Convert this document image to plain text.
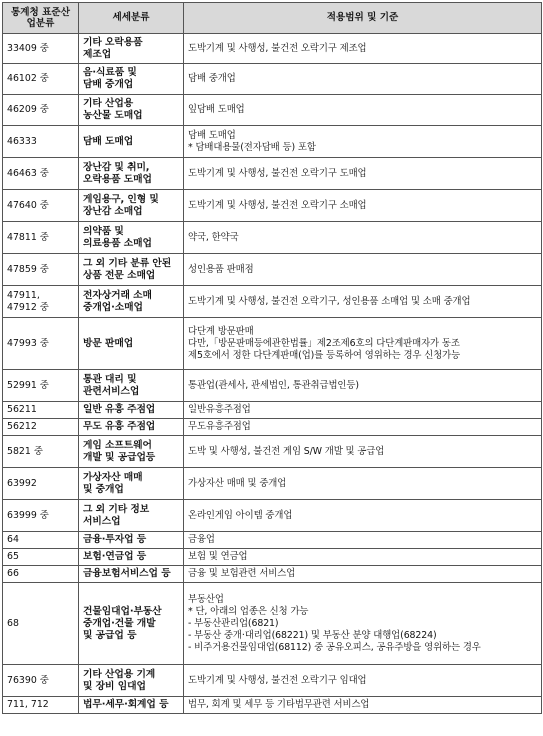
통계청 표준산업분류	세세분류	적용범위 및 기준

33409 중	기타 오락용품
제조업	도박기계 및 사행성, 불건전 오락기구 제조업

46102 중	음·식료품 및
담배 중개업	담배 중개업

46209 중	기타 산업용
농산물 도매업	잎담배 도매업

46333	담배 도매업	담배 도매업
* 담배대용물(전자담배 등) 포함

46463 중	장난감 및 취미,
오락용품 도매업	도박기계 및 사행성, 불건전 오락기구 도매업

47640 중	게임용구, 인형 및
장난감 소매업	도박기계 및 사행성, 불건전 오락기구 소매업

47811 중	의약품 및
의료용품 소매업	약국, 한약국

47859 중	그 외 기타 분류 안된
상품 전문 소매업	성인용품 판매점

47911,
47912 중	전자상거래 소매
중개업·소매업	도박기계 및 사행성, 불건전 오락기구, 성인용품 소매업 및 소매 중개업

47993 중	방문 판매업	다단계 방문판매
다만,「방문판매등에관한법률」제2조제6호의 다단계판매자가 동조
제5호에서 정한 다단계판매(업)를 등록하여 영위하는 경우 신청가능

52991 중	통관 대리 및
관련서비스업	통관업(관세사, 관세법인, 통관취급법인등)

56211	일반 유흥 주점업	일반유흥주점업

56212	무도 유흥 주점업	무도유흥주점업

5821 중	게임 소프트웨어
개발 및 공급업등	도박 및 사행성, 불건전 게임 S/W 개발 및 공급업

63992	가상자산 매매
및 중개업	가상자산 매매 및 중개업

63999 중	그 외 기타 정보
서비스업	온라인게임 아이템 중개업

64	금융·투자업 등	금융업

65	보험·연금업 등	보험 및 연금업

66	금융보험서비스업 등	금융 및 보험관련 서비스업

68	건물임대업·부동산
중개업·건물 개발
및 공급업 등	부동산업
* 단, 아래의 업종은 신청 가능
- 부동산관리업(6821)
- 부동산 중개·대리업(68221) 및 부동산 분양 대행업(68224)
- 비주거용건물임대업(68112) 중 공유오피스, 공유주방을 영위하는 경우

76390 중	기타 산업용 기계
및 장비 임대업	도박기계 및 사행성, 불건전 오락기구 임대업

711, 712	법무·세무·회계업 등	법무, 회계 및 세무 등 기타법무관련 서비스업
